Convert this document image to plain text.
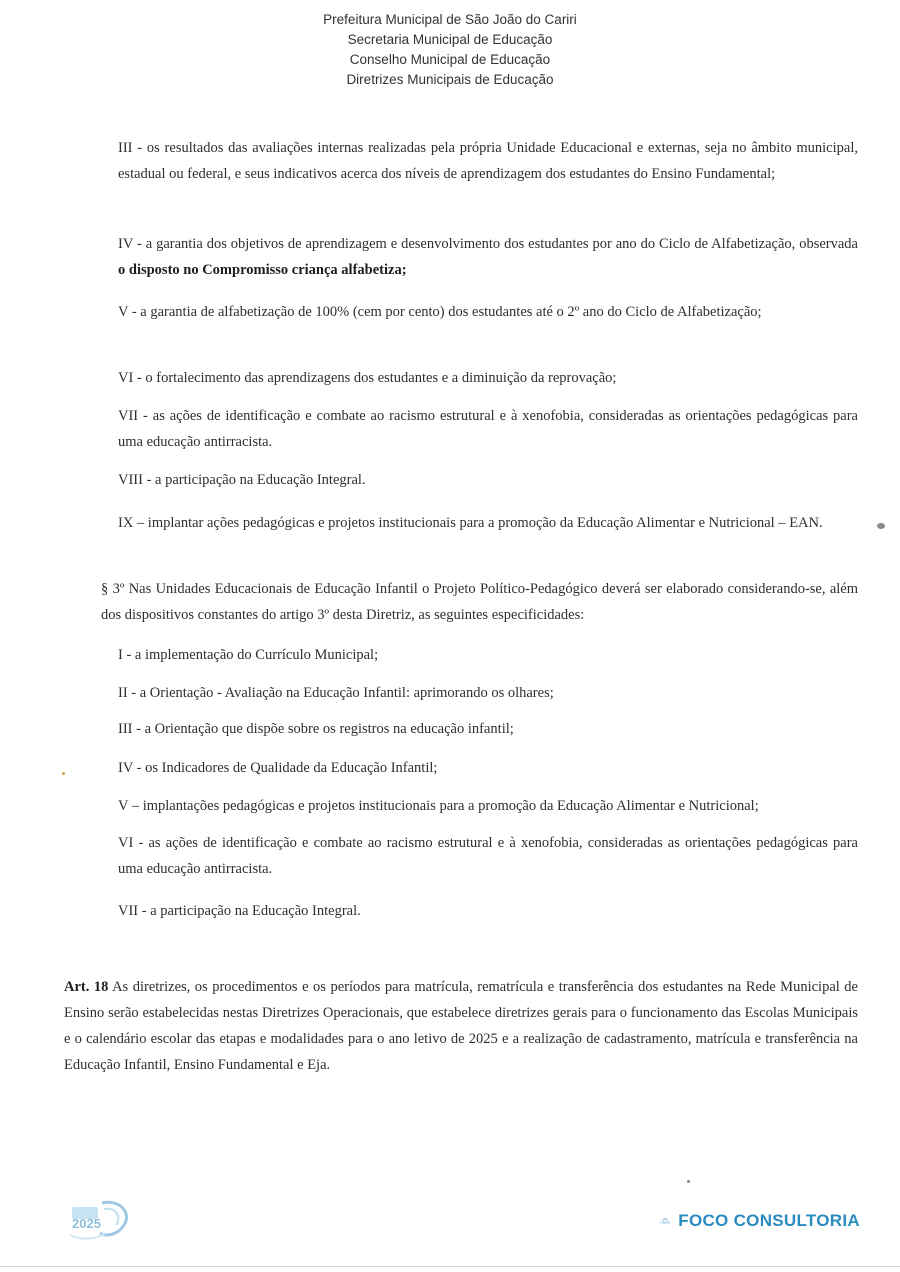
Prefeitura Municipal de São João do Cariri
Secretaria Municipal de Educação
Conselho Municipal de Educação
Diretrizes Municipais de Educação

III - os resultados das avaliações internas realizadas pela própria Unidade Educacional e externas, seja no âmbito municipal, estadual ou federal, e seus indicativos acerca dos níveis de aprendizagem dos estudantes do Ensino Fundamental;

IV - a garantia dos objetivos de aprendizagem e desenvolvimento dos estudantes por ano do Ciclo de Alfabetização, observada o disposto no Compromisso criança alfabetiza;

V - a garantia de alfabetização de 100% (cem por cento) dos estudantes até o 2º ano do Ciclo de Alfabetização;

VI - o fortalecimento das aprendizagens dos estudantes e a diminuição da reprovação;

VII - as ações de identificação e combate ao racismo estrutural e à xenofobia, consideradas as orientações pedagógicas para uma educação antirracista.

VIII - a participação na Educação Integral.

IX – implantar ações pedagógicas e projetos institucionais para a promoção da Educação Alimentar e Nutricional – EAN.

§ 3º Nas Unidades Educacionais de Educação Infantil o Projeto Político-Pedagógico deverá ser elaborado considerando-se, além dos dispositivos constantes do artigo 3º desta Diretriz, as seguintes especificidades:

I - a implementação do Currículo Municipal;

II - a Orientação - Avaliação na Educação Infantil: aprimorando os olhares;

III - a Orientação que dispõe sobre os registros na educação infantil;

IV - os Indicadores de Qualidade da Educação Infantil;

V – implantações pedagógicas e projetos institucionais para a promoção da Educação Alimentar e Nutricional;

VI - as ações de identificação e combate ao racismo estrutural e à xenofobia, consideradas as orientações pedagógicas para uma educação antirracista.

VII - a participação na Educação Integral.

Art. 18 As diretrizes, os procedimentos e os períodos para matrícula, rematrícula e transferência dos estudantes na Rede Municipal de Ensino serão estabelecidas nestas Diretrizes Operacionais, que estabelece diretrizes gerais para o funcionamento das Escolas Municipais e o calendário escolar das etapas e modalidades para o ano letivo de 2025 e a realização de cadastramento, matrícula e transferência na Educação Infantil, Ensino Fundamental e Eja.

2025	FOCO FOCO CONSULTORIA
